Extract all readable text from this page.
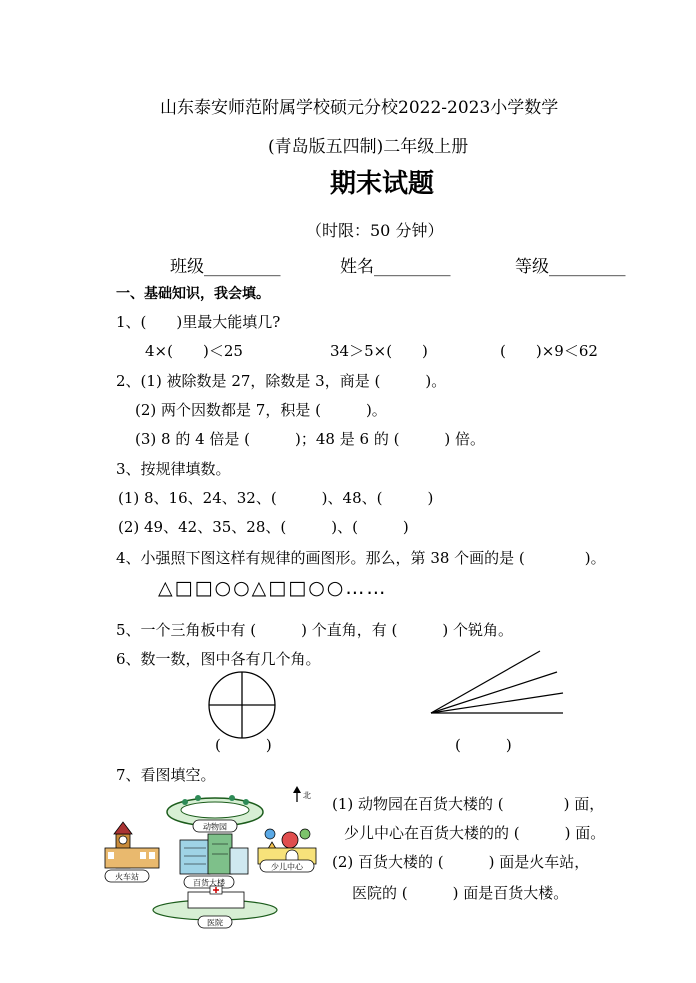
山东泰安师范附属学校硕元分校2022-2023小学数学
(青岛版五四制)二年级上册
期末试题
（时限：50 分钟）
班级_________	姓名_________	等级_________
一、基础知识，我会填。
1、(　　)里最大能填几?
4×(　　)＜25	34＞5×(　　)	(　　)×9＜62
2、(1) 被除数是 27，除数是 3，商是 (　　　)。
(2) 两个因数都是 7，积是 (　　　)。
(3) 8 的 4 倍是 (　　　)；48 是 6 的 (　　　) 倍。
3、按规律填数。
(1) 8、16、24、32、(　　　)、48、(　　　)
(2) 49、42、35、28、(　　　)、(　　　)
4、小强照下图这样有规律的画图形。那么，第 38 个画的是 (　　　　)。
△□□○○△□□○○……
5、一个三角板中有 (　　　) 个直角，有 (　　　) 个锐角。
6、数一数，图中各有几个角。
(　　　)	(　　　)
7、看图填空。
动物园
火车站
百货大楼
少儿中心
医院
北 (1) 动物园在百货大楼的 (　　　　) 面，
少儿中心在百货大楼的的 (　　　) 面。
(2) 百货大楼的 (　　　) 面是火车站，
医院的 (　　　) 面是百货大楼。
